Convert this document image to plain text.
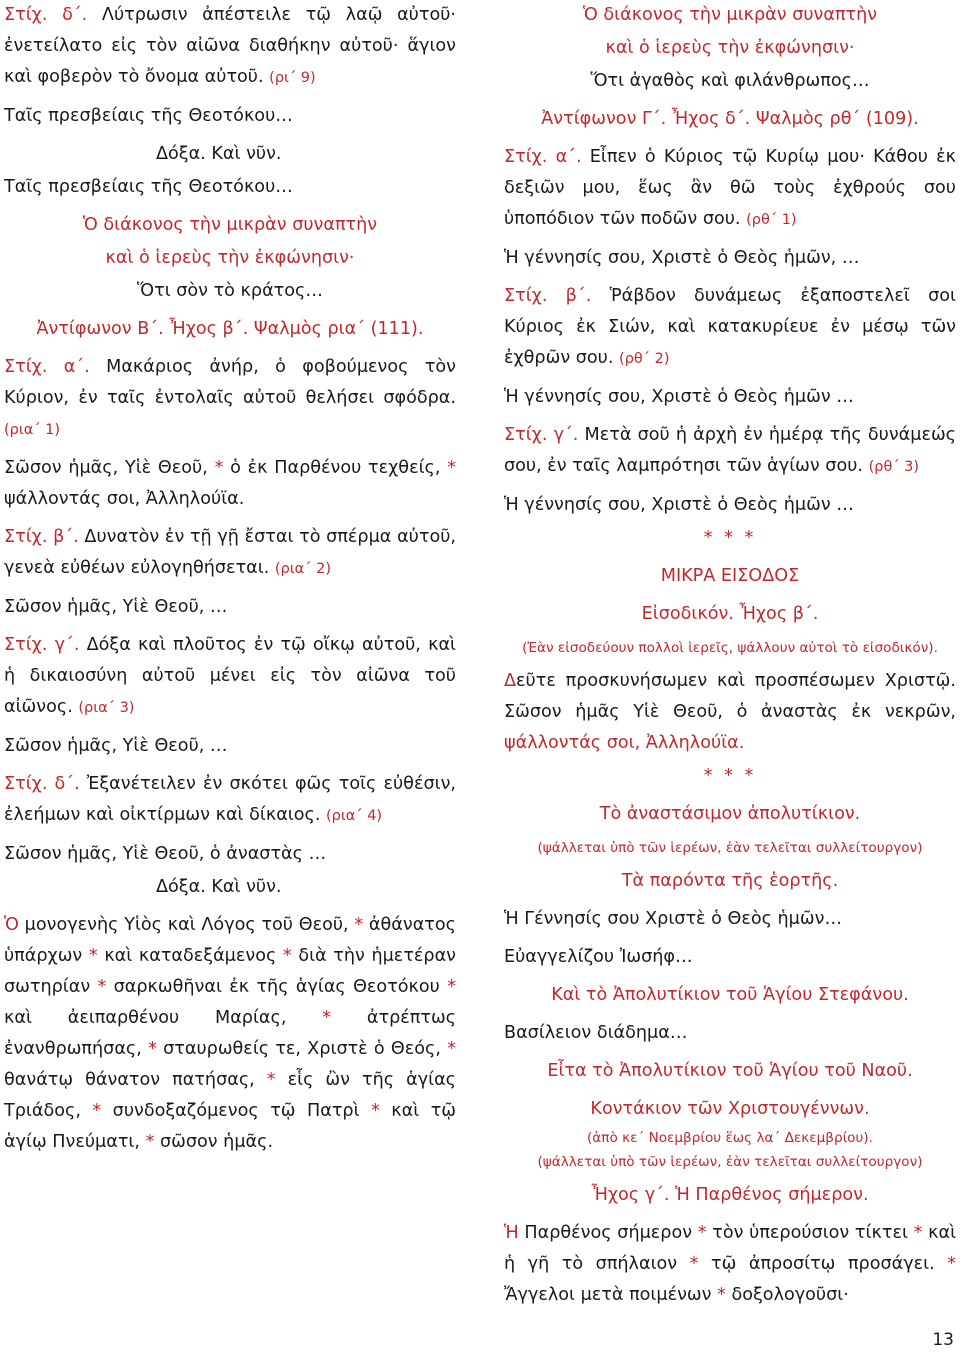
Στίχ. δ΄. Λύτρωσιν ἀπέστειλε τῷ λαῷ αὐτοῦ· ἐνετείλατο εἰς τὸν αἰῶνα διαθήκην αὐτοῦ· ἅγιον καὶ φοβερὸν τὸ ὄνομα αὐτοῦ. (ρι΄ 9)
Ταῖς πρεσβείαις τῆς Θεοτόκου…
Δόξα. Καὶ νῦν.
Ταῖς πρεσβείαις τῆς Θεοτόκου…
Ὁ διάκονος τὴν μικρὰν συναπτὴν
καὶ ὁ ἱερεὺς τὴν ἐκφώνησιν·
Ὅτι σὸν τὸ κράτος…
Ἀντίφωνον Β΄. Ἦχος β΄. Ψαλμὸς ρια΄ (111).
Στίχ. α΄. Μακάριος ἀνήρ, ὁ φοβούμενος τὸν Κύριον, ἐν ταῖς ἐντολαῖς αὐτοῦ θελήσει σφόδρα. (ρια΄ 1)
Σῶσον ἡμᾶς, Υἱὲ Θεοῦ, * ὁ ἐκ Παρθένου τεχθείς, * ψάλλοντάς σοι, Ἀλληλούϊα.
Στίχ. β΄. Δυνατὸν ἐν τῇ γῇ ἔσται τὸ σπέρμα αὐτοῦ, γενεὰ εὐθέων εὐλογηθήσεται. (ρια΄ 2)
Σῶσον ἡμᾶς, Υἱὲ Θεοῦ, …
Στίχ. γ΄. Δόξα καὶ πλοῦτος ἐν τῷ οἴκῳ αὐτοῦ, καὶ ἡ δικαιοσύνη αὐτοῦ μένει εἰς τὸν αἰῶνα τοῦ αἰῶνος. (ρια΄ 3)
Σῶσον ἡμᾶς, Υἱὲ Θεοῦ, …
Στίχ. δ΄. Ἐξανέτειλεν ἐν σκότει φῶς τοῖς εὐθέσιν, ἐλεήμων καὶ οἰκτίρμων καὶ δίκαιος. (ρια΄ 4)
Σῶσον ἡμᾶς, Υἱὲ Θεοῦ, ὁ ἀναστὰς …
Δόξα. Καὶ νῦν.
Ὁ μονογενὴς Υἱὸς καὶ Λόγος τοῦ Θεοῦ, * ἀθάνατος ὑπάρχων * καὶ καταδεξάμενος * διὰ τὴν ἡμετέραν σωτηρίαν * σαρκωθῆναι ἐκ τῆς ἁγίας Θεοτόκου * καὶ ἀειπαρθένου Μαρίας, * ἀτρέπτως ἐνανθρωπήσας, * σταυρωθείς τε, Χριστὲ ὁ Θεός, * θανάτῳ θάνατον πατήσας, * εἷς ὢν τῆς ἁγίας Τριάδος, * συνδοξαζόμενος τῷ Πατρὶ * καὶ τῷ ἁγίῳ Πνεύματι, * σῶσον ἡμᾶς.
Ὁ διάκονος τὴν μικρὰν συναπτὴν
καὶ ὁ ἱερεὺς τὴν ἐκφώνησιν·
Ὅτι ἀγαθὸς καὶ φιλάνθρωπος…
Ἀντίφωνον Γ΄. Ἦχος δ΄. Ψαλμὸς ρθ΄ (109).
Στίχ. α΄. Εἶπεν ὁ Κύριος τῷ Κυρίῳ μου· Κάθου ἐκ δεξιῶν μου, ἕως ἂν θῶ τοὺς ἐχθρούς σου ὑποπόδιον τῶν ποδῶν σου. (ρθ΄ 1)
Ἡ γέννησίς σου, Χριστὲ ὁ Θεὸς ἡμῶν, …
Στίχ. β΄. Ῥάβδον δυνάμεως ἐξαποστελεῖ σοι Κύριος ἐκ Σιών, καὶ κατακυρίευε ἐν μέσῳ τῶν ἐχθρῶν σου. (ρθ΄ 2)
Ἡ γέννησίς σου, Χριστὲ ὁ Θεὸς ἡμῶν …
Στίχ. γ΄. Μετὰ σοῦ ἡ ἀρχὴ ἐν ἡμέρᾳ τῆς δυνάμεώς σου, ἐν ταῖς λαμπρότησι τῶν ἁγίων σου. (ρθ΄ 3)
Ἡ γέννησίς σου, Χριστὲ ὁ Θεὸς ἡμῶν …
* * *
ΜΙΚΡΑ ΕΙΣΟΔΟΣ
Εἰσοδικόν. Ἦχος β΄.
(Ἐὰν εἰσοδεύουν πολλοὶ ἱερεῖς, ψάλλουν αὐτοὶ τὸ εἰσοδικόν).
Δεῦτε προσκυνήσωμεν καὶ προσπέσωμεν Χριστῷ. Σῶσον ἡμᾶς Υἱὲ Θεοῦ, ὁ ἀναστὰς ἐκ νεκρῶν, ψάλλοντάς σοι, Ἀλληλούϊα.
* * *
Τὸ ἀναστάσιμον ἀπολυτίκιον.
(ψάλλεται ὑπὸ τῶν ἱερέων, ἐὰν τελεῖται συλλείτουργον)
Τὰ παρόντα τῆς ἑορτῆς.
Ἡ Γέννησίς σου Χριστὲ ὁ Θεὸς ἡμῶν…
Εὐαγγελίζου Ἰωσήφ…
Καὶ τὸ Ἀπολυτίκιον τοῦ Ἁγίου Στεφάνου.
Βασίλειον διάδημα…
Εἶτα τὸ Ἀπολυτίκιον τοῦ Ἁγίου τοῦ Ναοῦ.
Κοντάκιον τῶν Χριστουγέννων.
(ἀπὸ κε΄ Νοεμβρίου ἕως λα΄ Δεκεμβρίου).
(ψάλλεται ὑπὸ τῶν ἱερέων, ἐὰν τελεῖται συλλείτουργον)
Ἦχος γ΄. Ἡ Παρθένος σήμερον.
Ἡ Παρθένος σήμερον * τὸν ὑπερούσιον τίκτει * καὶ ἡ γῆ τὸ σπήλαιον * τῷ ἀπροσίτῳ προσάγει. * Ἄγγελοι μετὰ ποιμένων * δοξολογοῦσι·
13
